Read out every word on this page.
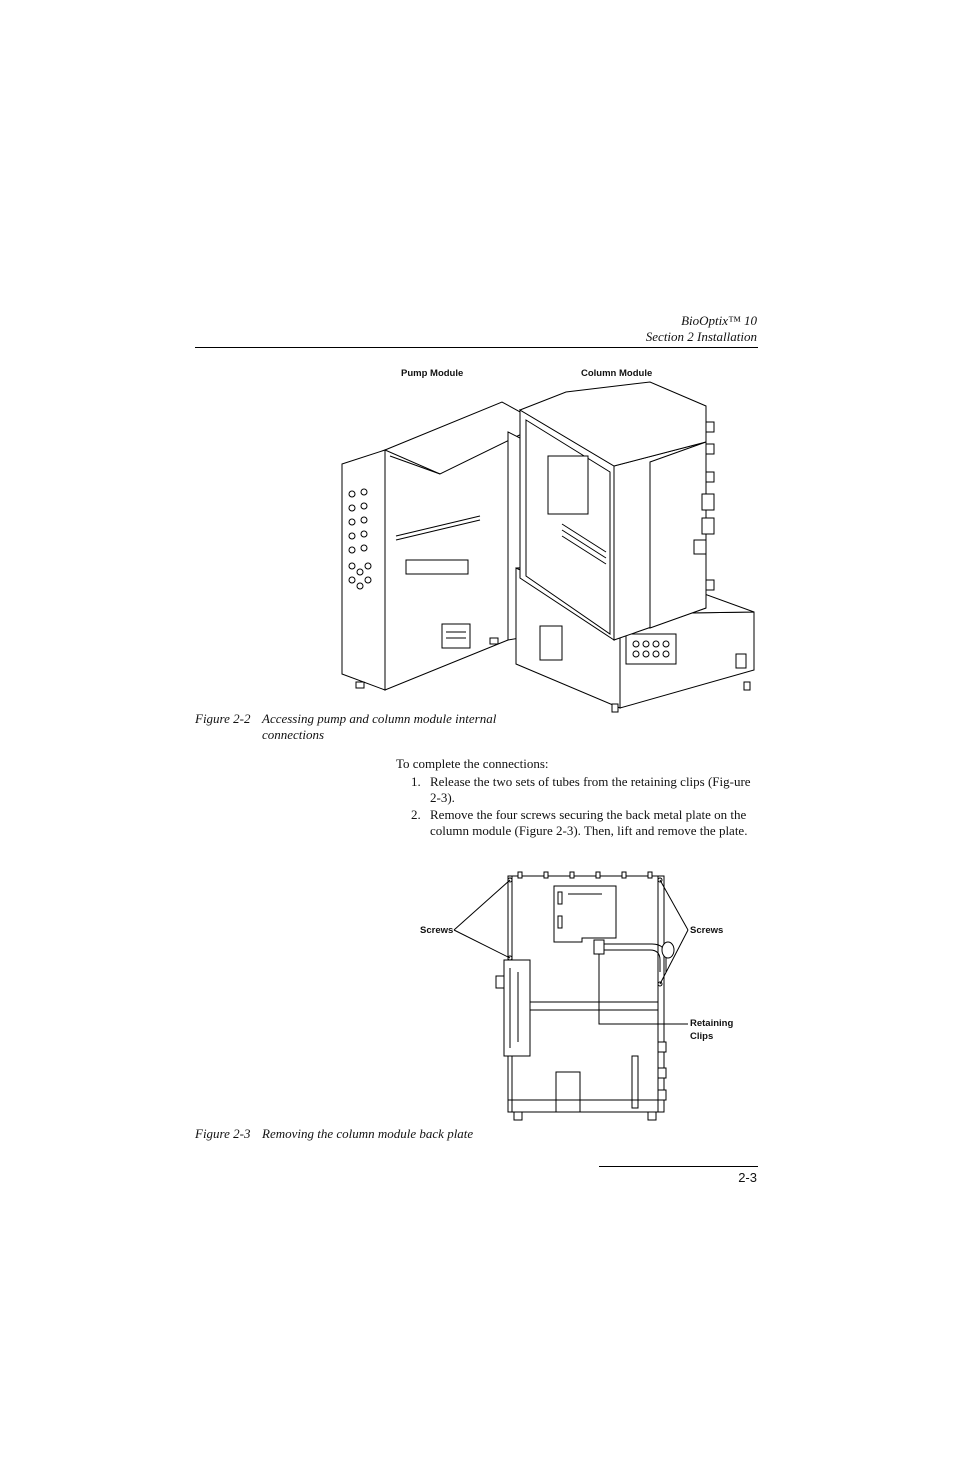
BioOptix™ 10
Section 2 Installation
Pump Module	Column Module
Figure 2-2 Accessing pump and column module internal
connections
To complete the connections:
1. Release the two sets of tubes from the retaining clips (Fig-ure 2-3).
2. Remove the four screws securing the back metal plate on the column module (Figure 2-3). Then, lift and remove the plate.
Screws	Screws
Retaining
Clips
Figure 2-3 Removing the column module back plate
2-3
